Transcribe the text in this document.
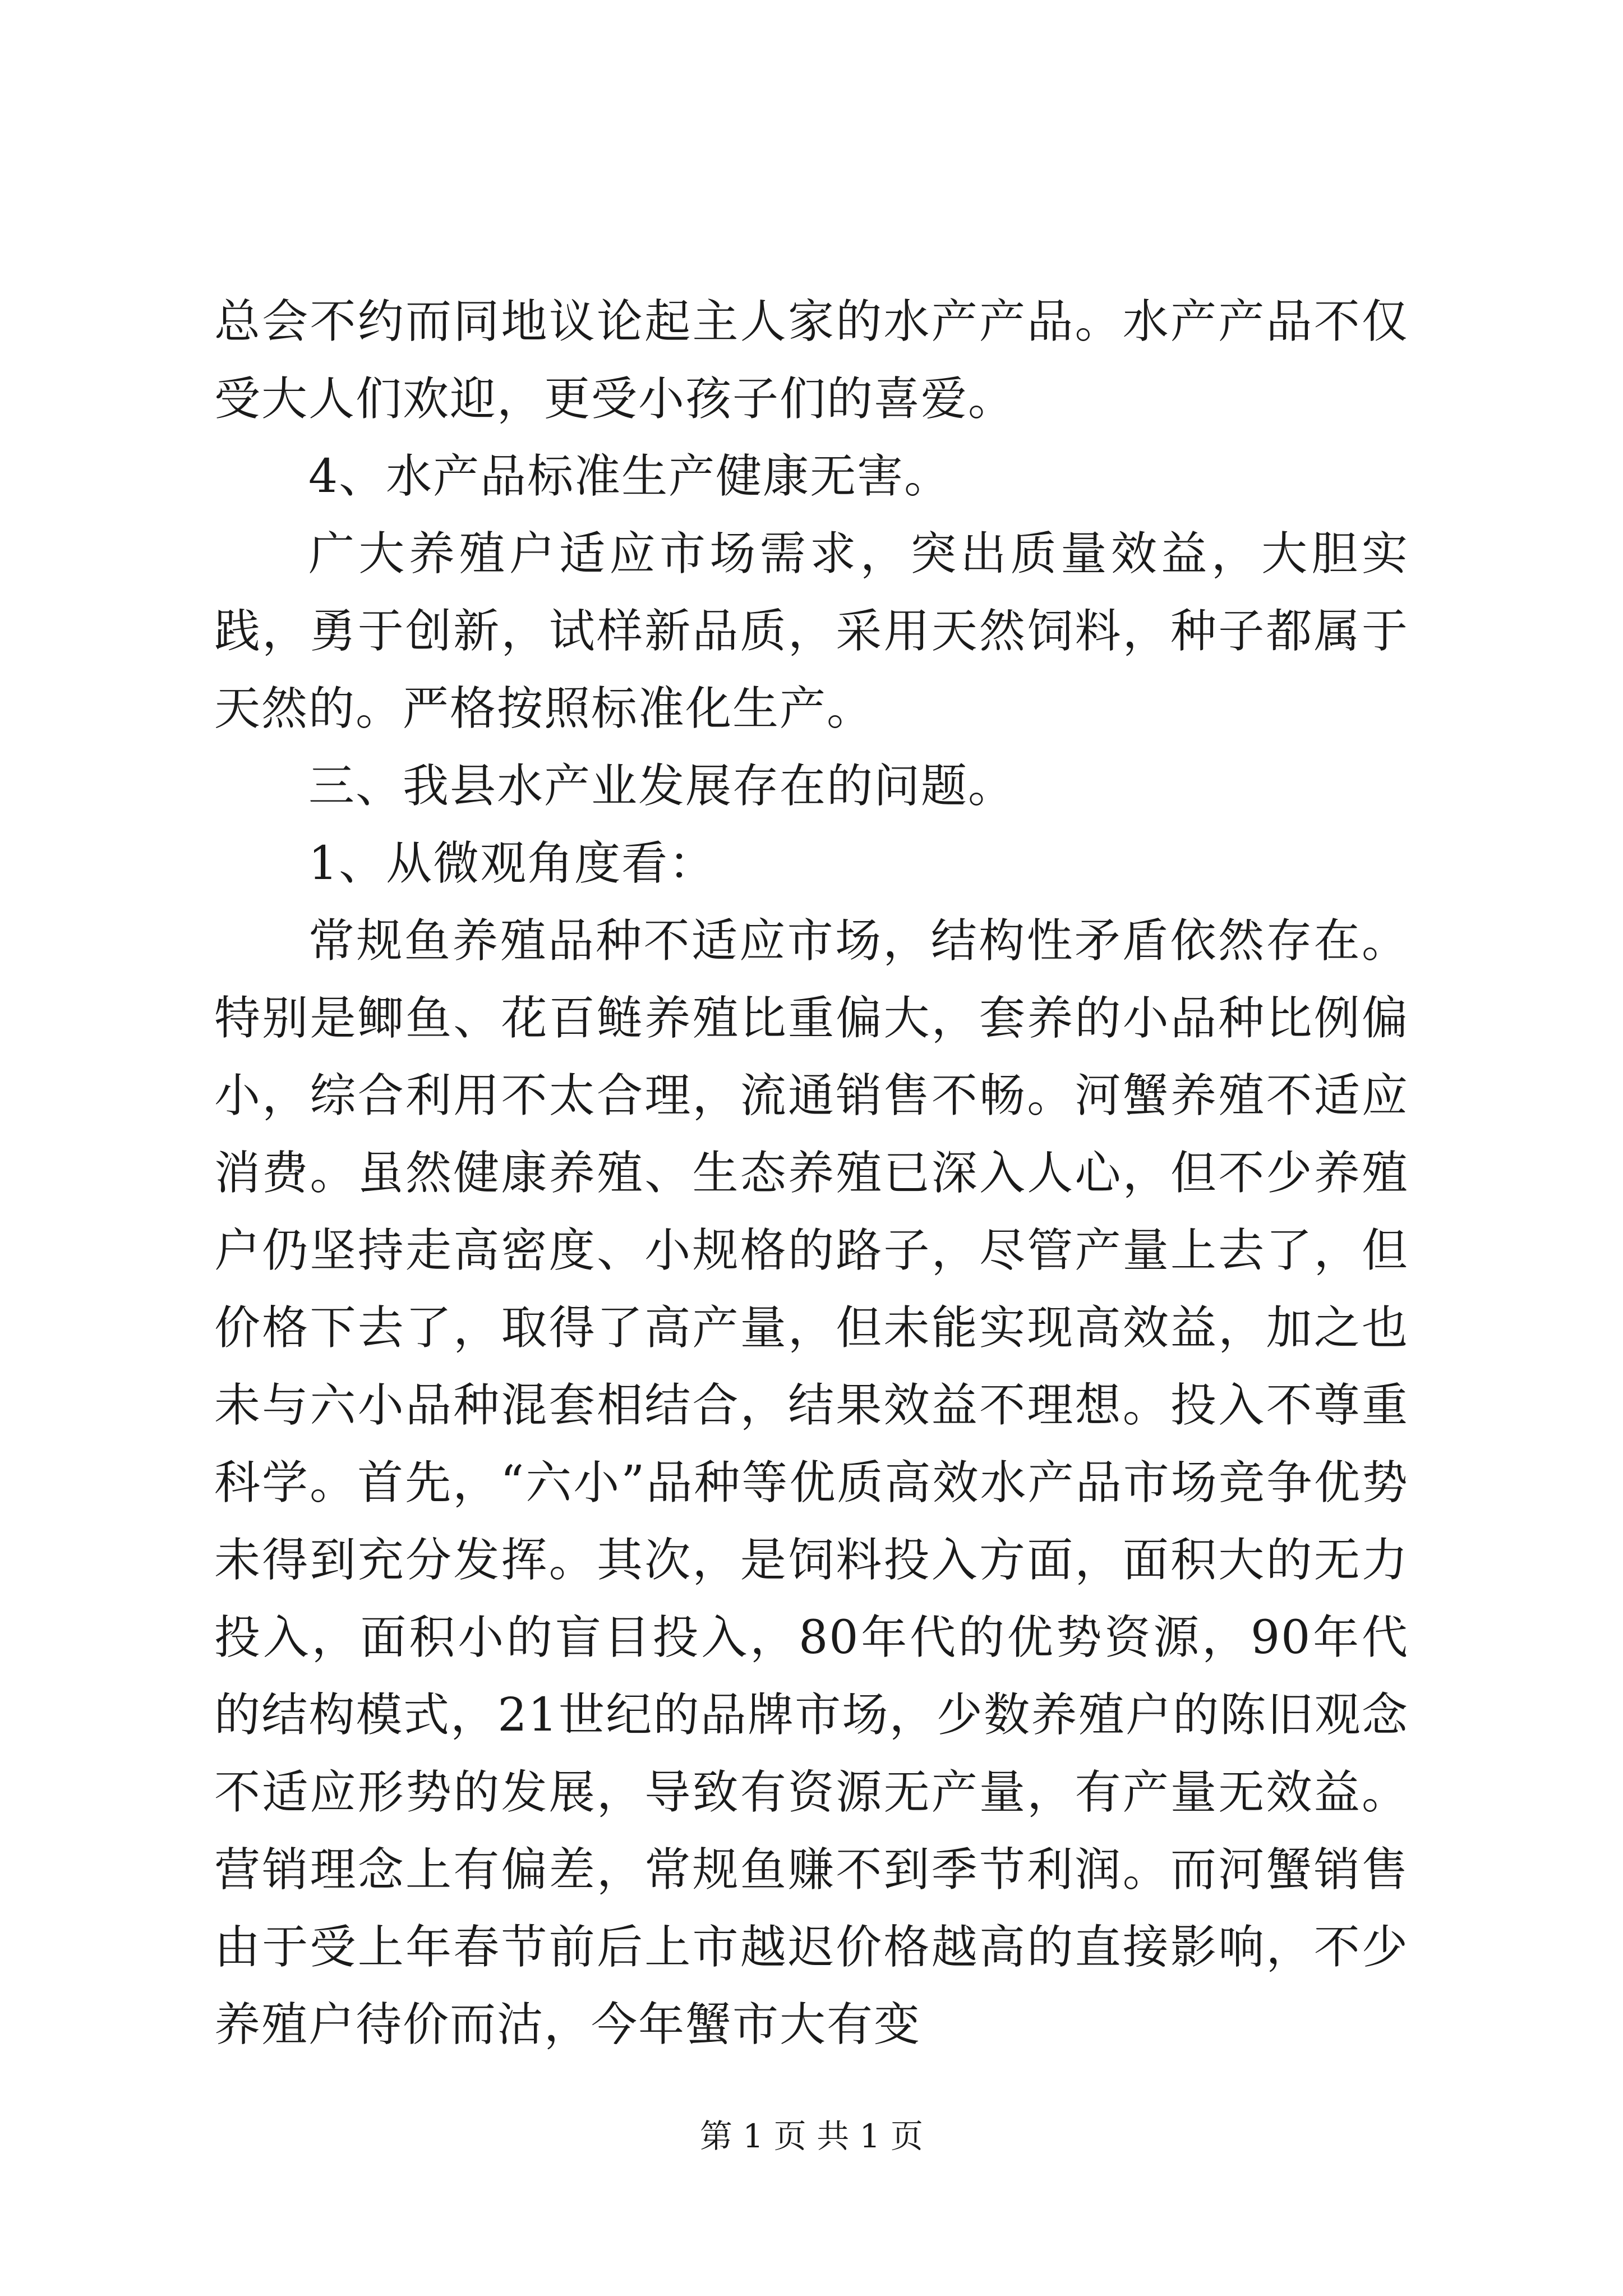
总会不约而同地议论起主人家的水产产品。水产产品不仅受大人们欢迎，更受小孩子们的喜爱。

4、水产品标准生产健康无害。

广大养殖户适应市场需求，突出质量效益，大胆实践，勇于创新，试样新品质，采用天然饲料，种子都属于天然的。严格按照标准化生产。

三、我县水产业发展存在的问题。

1、从微观角度看：

常规鱼养殖品种不适应市场，结构性矛盾依然存在。特别是鲫鱼、花百鲢养殖比重偏大，套养的小品种比例偏小，综合利用不太合理，流通销售不畅。河蟹养殖不适应消费。虽然健康养殖、生态养殖已深入人心，但不少养殖户仍坚持走高密度、小规格的路子，尽管产量上去了，但价格下去了，取得了高产量，但未能实现高效益，加之也未与六小品种混套相结合，结果效益不理想。投入不尊重科学。首先，“六小”品种等优质高效水产品市场竞争优势未得到充分发挥。其次，是饲料投入方面，面积大的无力投入，面积小的盲目投入，80年代的优势资源，90年代的结构模式，21世纪的品牌市场，少数养殖户的陈旧观念不适应形势的发展，导致有资源无产量，有产量无效益。营销理念上有偏差，常规鱼赚不到季节利润。而河蟹销售由于受上年春节前后上市越迟价格越高的直接影响，不少养殖户待价而沽，今年蟹市大有变

第 1 页 共 1 页
